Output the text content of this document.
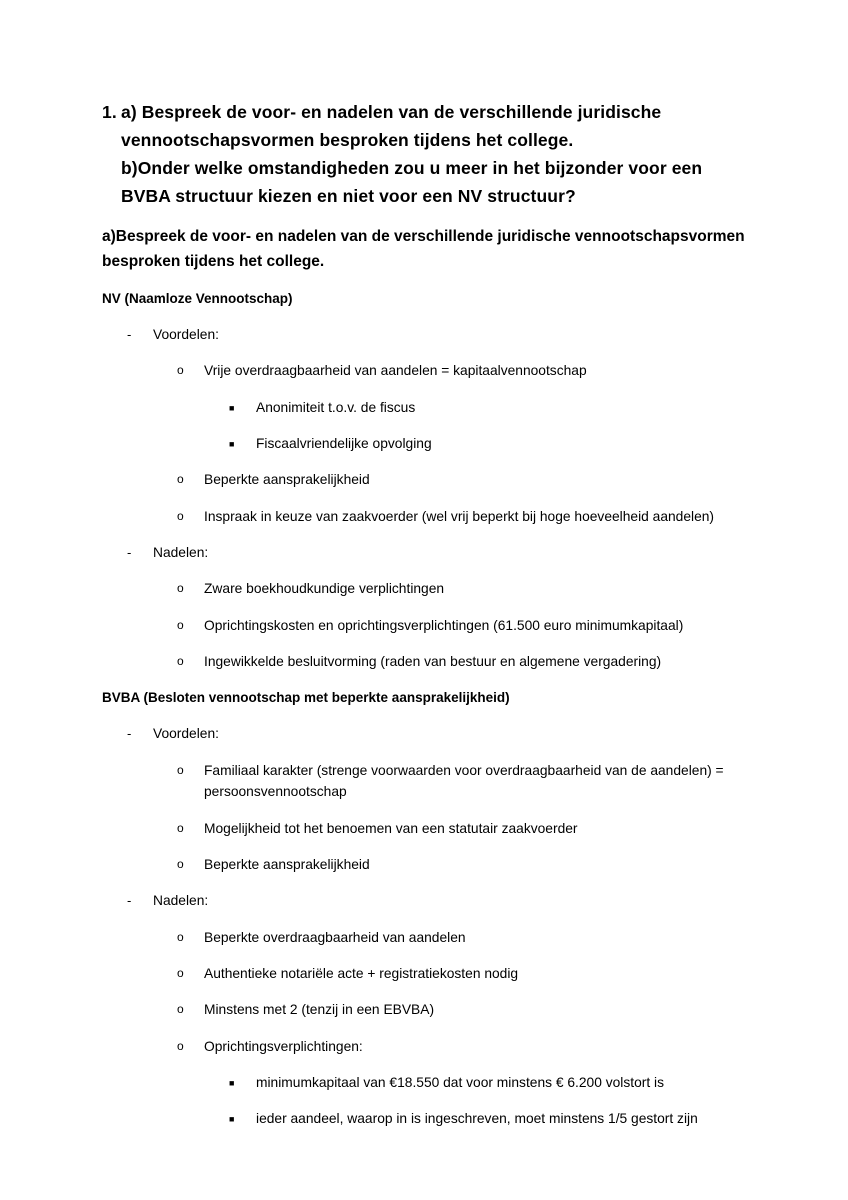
1. a) Bespreek de voor- en nadelen van de verschillende juridische
vennootschapsvormen besproken tijdens het college.
b)Onder welke omstandigheden zou u meer in het bijzonder voor een
BVBA structuur kiezen en niet voor een NV structuur?
a)Bespreek de voor- en nadelen van de verschillende juridische vennootschapsvormen
besproken tijdens het college.
NV (Naamloze Vennootschap)
- Voordelen:
o Vrije overdraagbaarheid van aandelen = kapitaalvennootschap
■ Anonimiteit t.o.v. de fiscus
■ Fiscaalvriendelijke opvolging
o Beperkte aansprakelijkheid
o Inspraak in keuze van zaakvoerder (wel vrij beperkt bij hoge hoeveelheid aandelen)
- Nadelen:
o Zware boekhoudkundige verplichtingen
o Oprichtingskosten en oprichtingsverplichtingen (61.500 euro minimumkapitaal)
o Ingewikkelde besluitvorming (raden van bestuur en algemene vergadering)
BVBA (Besloten vennootschap met beperkte aansprakelijkheid)
- Voordelen:
o Familiaal karakter (strenge voorwaarden voor overdraagbaarheid van de aandelen) =
persoonsvennootschap
o Mogelijkheid tot het benoemen van een statutair zaakvoerder
o Beperkte aansprakelijkheid
- Nadelen:
o Beperkte overdraagbaarheid van aandelen
o Authentieke notariële acte + registratiekosten nodig
o Minstens met 2 (tenzij in een EBVBA)
o Oprichtingsverplichtingen:
■ minimumkapitaal van €18.550 dat voor minstens € 6.200 volstort is
■ ieder aandeel, waarop in is ingeschreven, moet minstens 1/5 gestort zijn
